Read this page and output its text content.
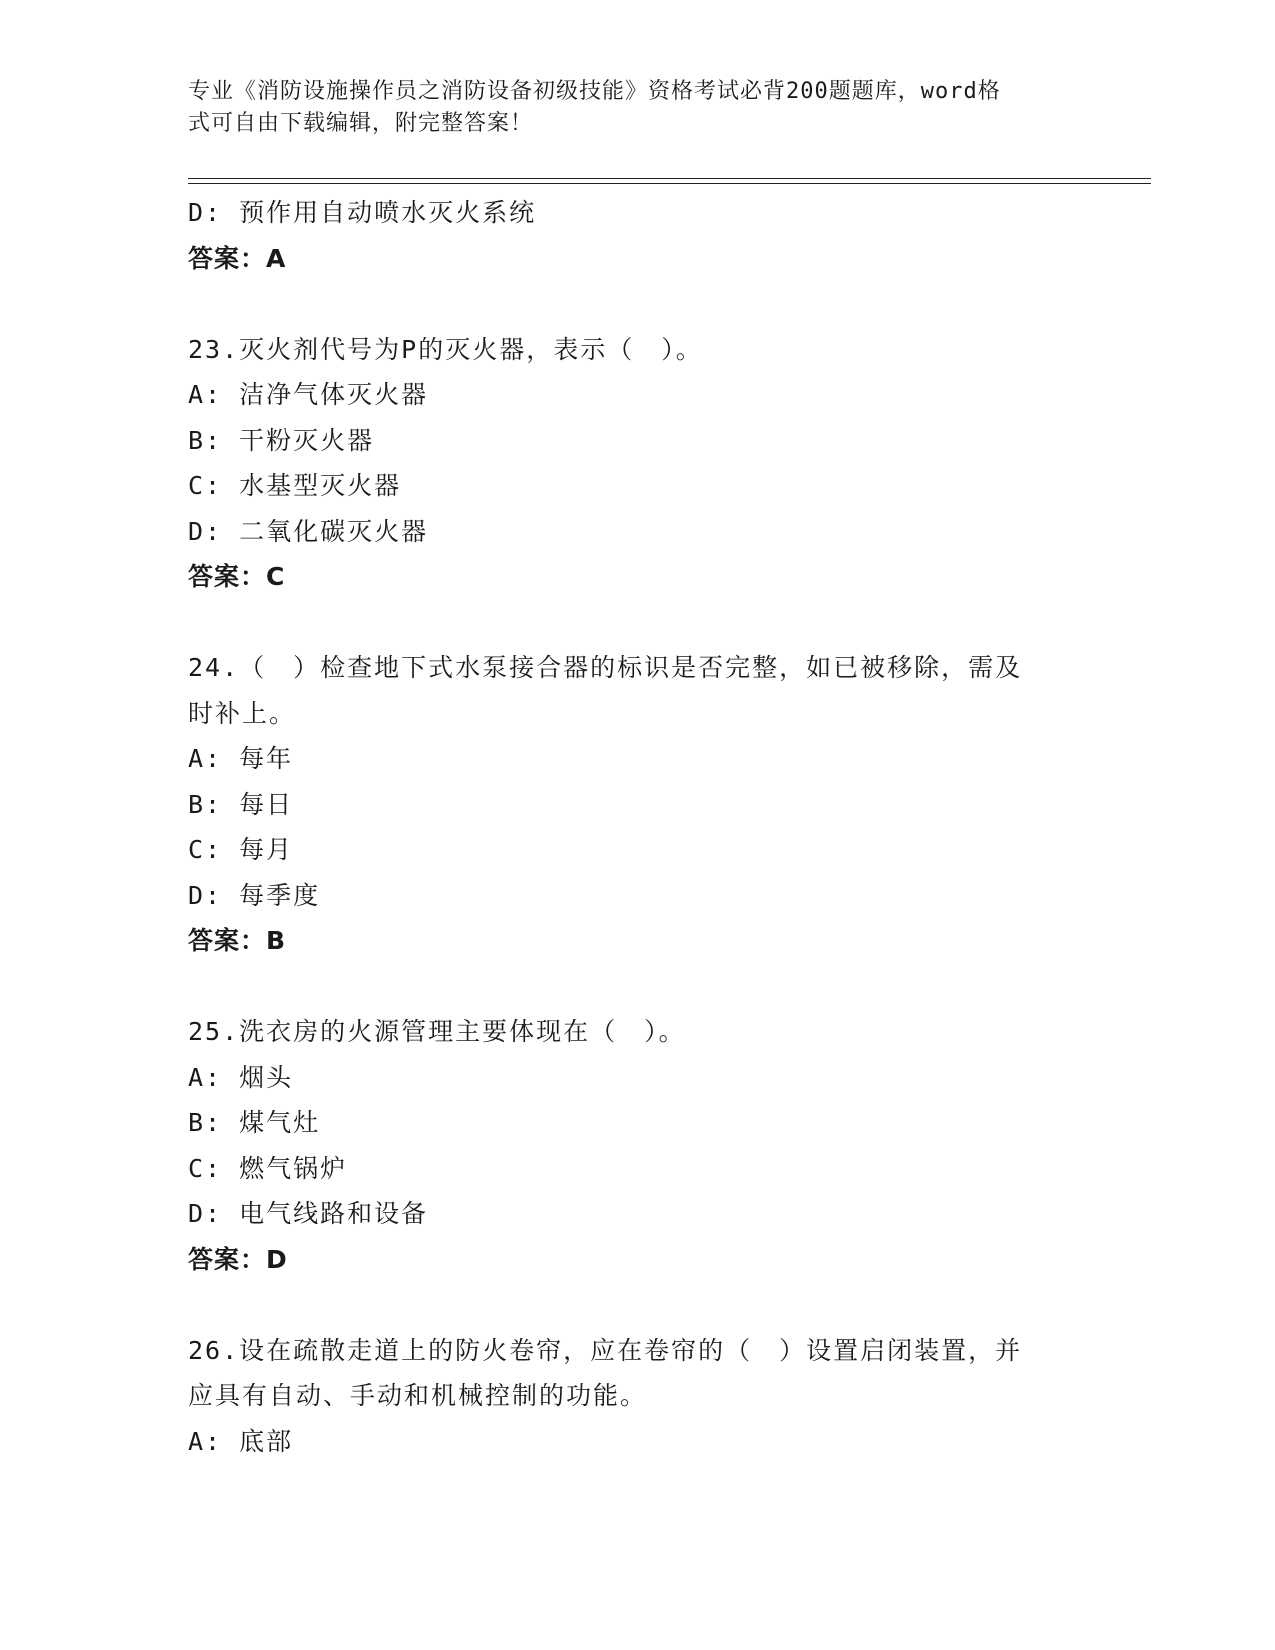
专业《消防设施操作员之消防设备初级技能》资格考试必背200题题库，word格
式可自由下载编辑，附完整答案！
D: 预作用自动喷水灭火系统
答案：A
23.灭火剂代号为P的灭火器，表示（　）。
A: 洁净气体灭火器
B: 干粉灭火器
C: 水基型灭火器
D: 二氧化碳灭火器
答案：C
24.（　）检查地下式水泵接合器的标识是否完整，如已被移除，需及
时补上。
A: 每年
B: 每日
C: 每月
D: 每季度
答案：B
25.洗衣房的火源管理主要体现在（　）。
A: 烟头
B: 煤气灶
C: 燃气锅炉
D: 电气线路和设备
答案：D
26.设在疏散走道上的防火卷帘，应在卷帘的（　）设置启闭装置，并
应具有自动、手动和机械控制的功能。
A: 底部
